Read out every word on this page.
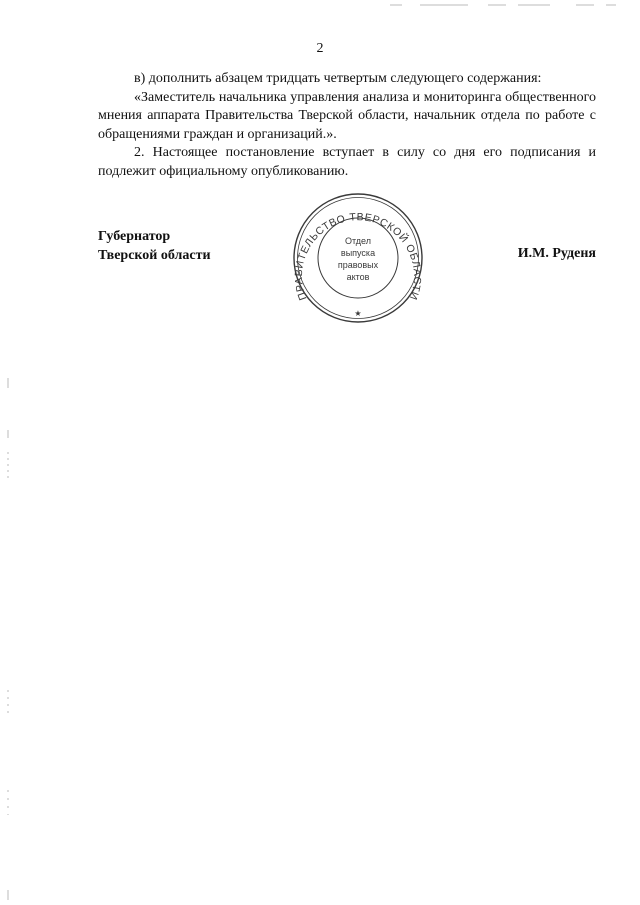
2

в) дополнить абзацем тридцать четвертым следующего содержания:

«Заместитель начальника управления анализа и мониторинга общественного мнения аппарата Правительства Тверской области, начальник отдела по работе с обращениями граждан и организаций.».

2. Настоящее постановление вступает в силу со дня его подписания и подлежит официальному опубликованию.

Губернатор
Тверской области
ПРАВИТЕЛЬСТВО ТВЕРСКОЙ ОБЛАСТИ
★
Отдел
выпуска
правовых
актов
И.М. Руденя
